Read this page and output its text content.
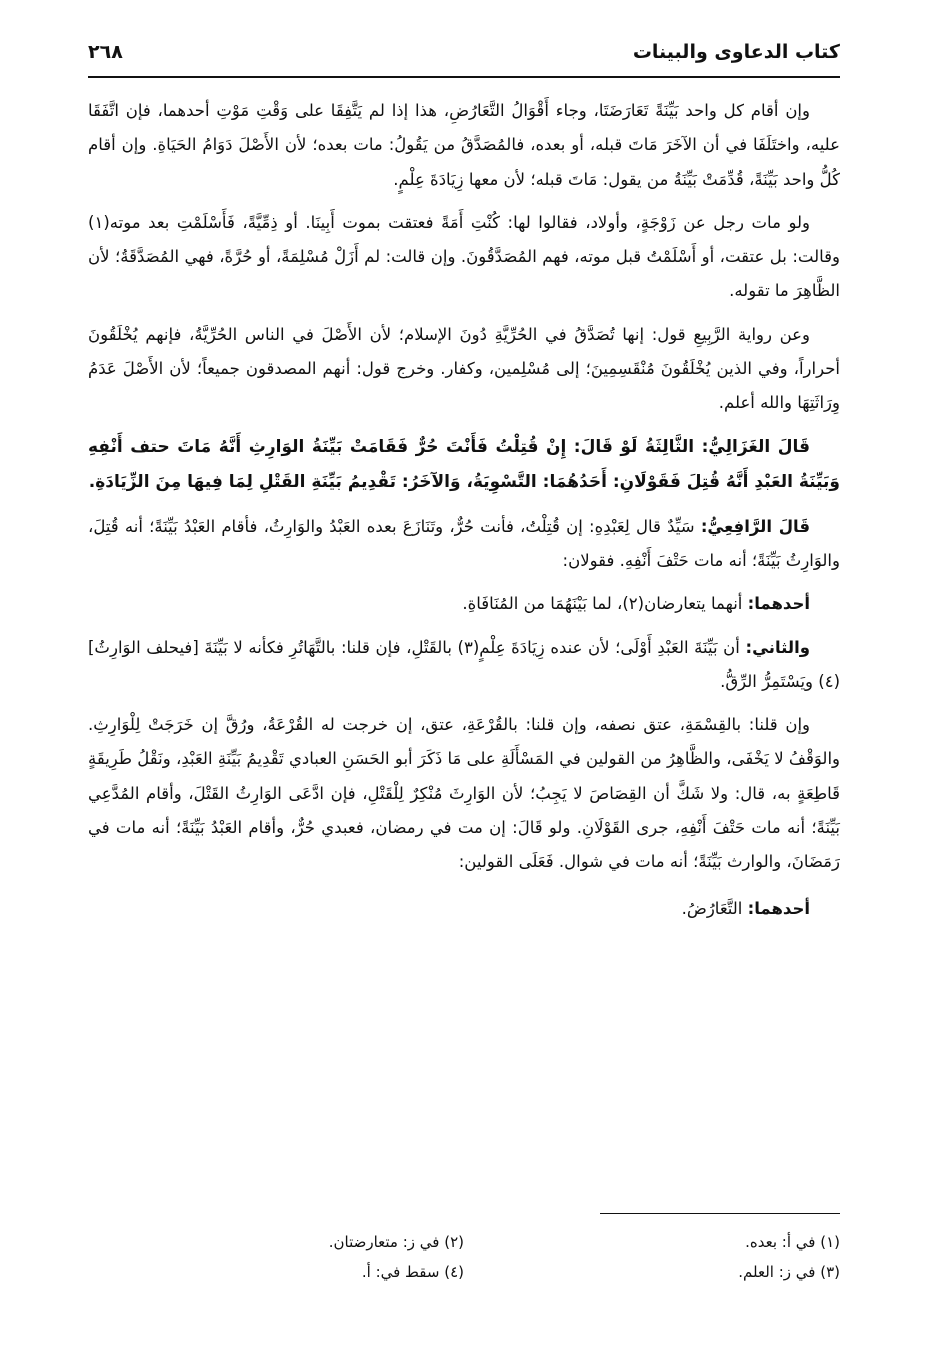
كتاب الدعاوى والبينات
٢٦٨

وإن أقام كل واحد بَيِّنَةً تَعَارَضَتَا، وجاء أَقْوَالُ التَّعَارُضِ، هذا إذا لم يَتَّفِقَا على وَقْتِ مَوْتِ أحدهما، فإن اتَّفَقَا عليه، واختَلَفَا في أن الآخَرَ مَاتَ قبله، أو بعده، فالمُصَدَّقُ من يَقُولُ: مات بعده؛ لأن الأَصْلَ دَوَامُ الحَيَاةِ. وإن أقام كُلُّ واحد بَيِّنَةً، قُدِّمَتْ بَيِّنَةُ من يقول: مَاتَ قبله؛ لأن معها زِيَادَةَ عِلْمٍ.

ولو مات رجل عن زَوْجَةٍ، وأولاد، فقالوا لها: كُنْتِ أَمَةً فعتقت بموت أَبِينَا. أو ذِمِّيَّةً، فَأَسْلَمْتِ بعد موته(١) وقالت: بل عتقت، أو أَسْلَمْتُ قبل موته، فهم المُصَدَّقُونَ. وإن قالت: لم أَزَلْ مُسْلِمَةً، أو حُرَّةً، فهي المُصَدَّقَةُ؛ لأن الظَّاهِرَ ما تقوله.

وعن رواية الرَّبِيعِ قول: إنها تُصَدَّقُ في الحُرِّيَّةِ دُونَ الإسلام؛ لأن الأَصْلَ في الناس الحُرِّيَّةُ، فإنهم يُخْلَقُونَ أحراراً، وفي الذين يُخْلَقُونَ مُنْقَسِمِينَ؛ إلى مُسْلِمين، وكفار. وخرج قول: أنهم المصدقون جميعاً؛ لأن الأَصْلَ عَدَمُ وِرَاثَتِهَا والله أعلم.

قَالَ الغَزَالِيُّ: الثَّالِثَةُ لَوْ قَالَ: إِنْ قُتِلْتُ فَأَنْتَ حُرٌّ فَقَامَتْ بَيِّنَةُ الوَارِثِ أَنَّهُ مَاتَ حتف أَنْفِهِ وَبَيِّنَةُ العَبْدِ أَنَّهُ قُتِلَ فَقَوْلَانِ: أَحَدُهُمَا: التَّسْوِيَةُ، وَالآخَرُ: تَقْدِيمُ بَيِّنَةِ القَتْلِ لِمَا فِيهَا مِنَ الزِّيَادَةِ.

قَالَ الرَّافِعِيُّ: سَيِّدٌ قال لِعَبْدِهِ: إن قُتِلْتُ، فأنت حُرٌّ، وتَنَازَعَ بعده العَبْدُ والوَارِثُ، فأقام العَبْدُ بَيِّنَةً؛ أنه قُتِلَ، والوَارِثُ بَيِّنَةً؛ أنه مات حَتْفَ أَنْفِهِ. فقولان:

أحدهما: أنهما يتعارضان(٢)، لما بَيْنَهُمَا من المُنَافَاةِ.

والثاني: أن بَيِّنَةَ العَبْدِ أَوْلَى؛ لأن عنده زِيَادَةَ عِلْمٍ(٣) بالقَتْلِ، فإن قلنا: بالتَّهَاتُرِ فكأنه لا بَيِّنَةَ [فيحلف الوَارِثُ](٤) ويَسْتَمِرُّ الرِّقُّ.

وإن قلنا: بالقِسْمَةِ، عتق نصفه، وإن قلنا: بالقُرْعَةِ، عتق، إن خرجت له القُرْعَةُ، ورُقَّ إن خَرَجَتْ لِلْوَارِثِ. والوَقْفُ لا يَخْفَى، والظَّاهِرُ من القولين في المَسْأَلَةِ على مَا ذَكَرَ أبو الحَسَنِ العبادي تَقْدِيمُ بَيِّنَةِ العَبْدِ، ونَقْلُ طَرِيقَةٍ قَاطِعَةٍ به، قال: ولا شَكَّ أن القِصَاصَ لا يَجِبُ؛ لأن الوَارِثَ مُنْكِرٌ لِلْقَتْلِ، فإن ادَّعَى الوَارِثُ القَتْلَ، وأقام المُدَّعِي بَيِّنَةً؛ أنه مات حَتْفَ أَنْفِهِ، جرى القَوْلَانِ. ولو قَالَ: إن مت في رمضان، فعبدي حُرٌّ، وأقام العَبْدُ بَيِّنَةً؛ أنه مات في رَمَضَانَ، والوارث بَيِّنَةً؛ أنه مات في شوال. فَعَلَى القولين:

أحدهما: التَّعَارُضُ.

(١) في أ: بعده.
(٢) في ز: متعارضتان.
(٣) في ز: العلم.
(٤) سقط في: أ.
